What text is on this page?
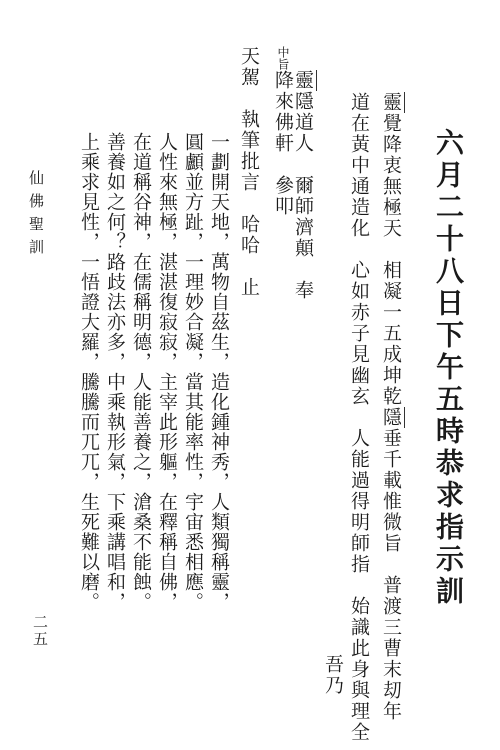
六月二十八日下午五時恭求指示訓
靈覺降衷無極天　相凝一五成坤乾隱垂千載惟微旨　普渡三曹末刧年
道在黃中通造化　心如赤子見幽玄　人能過得明師指　始識此身與理全
吾乃
靈隱道人　爾師濟顛　奉
中旨降來佛軒　參叩
天駕　執筆批言　哈哈　止
一劃開天地，萬物自茲生，造化鍾神秀，人類獨稱靈，
圓顱並方趾，一理妙合凝，當其能率性，宇宙悉相應。
人性來無極，湛湛復寂寂，主宰此形軀，在釋稱自佛，
在道稱谷神，在儒稱明德，人能善養之，滄桑不能蝕。
善養如之何？路歧法亦多，中乘執形氣，下乘講唱和，
上乘求見性，一悟證大羅，騰騰而兀兀，生死難以磨。
仙佛聖訓
二五
